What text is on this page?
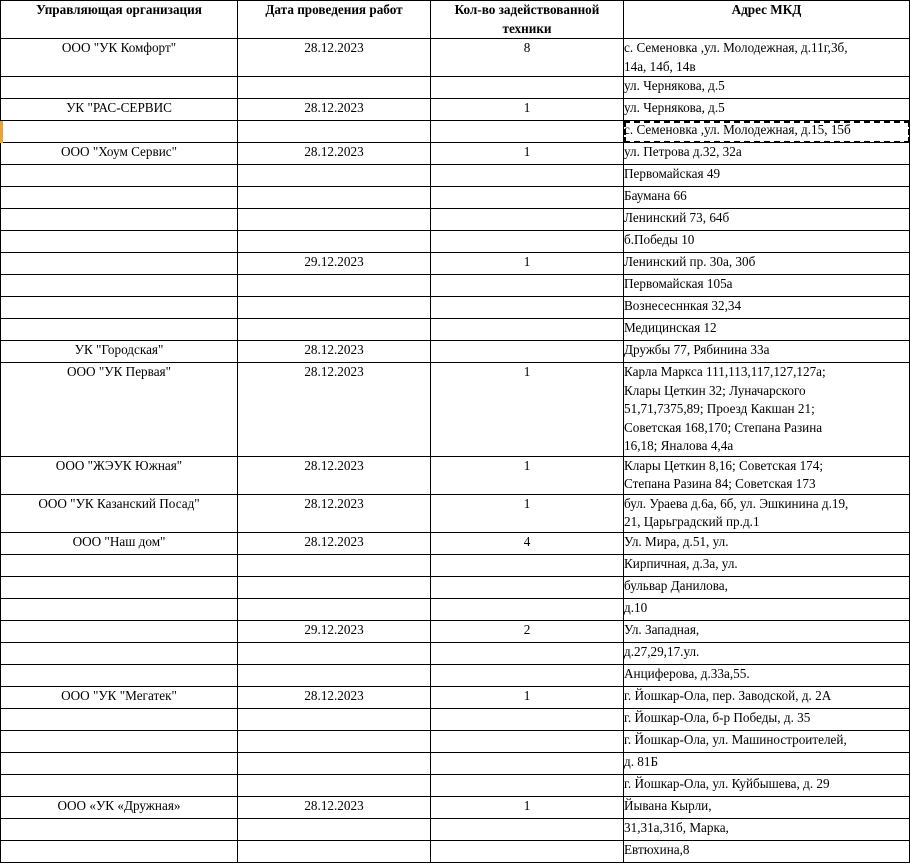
Управляющая организация	Дата проведения работ	Кол-во задействованной техники	Адрес МКД
ООО "УК Комфорт"	28.12.2023	8	с. Семеновка ,ул. Молодежная, д.11г,3б,
14а, 14б, 14в

			ул. Чернякова, д.5

УК "РАС-СЕРВИС	28.12.2023	1	ул. Чернякова, д.5

			с. Семеновка ,ул. Молодежная, д.15, 15б

ООО "Хоум Сервис"	28.12.2023	1	ул. Петрова д.32, 32а

			Первомайская 49

			Баумана 66

			Ленинский 73, 64б

			б.Победы 10

	29.12.2023	1	Ленинский пр. 30а, 30б

			Первомайская 105а

			Вознесесннкая 32,34

			Медицинская 12

УК "Городская"	28.12.2023		Дружбы 77, Рябинина 33а

ООО "УК Первая"	28.12.2023	1	Карла Маркса 111,113,117,127,127а;
Клары Цеткин 32; Луначарского
51,71,7375,89; Проезд Какшан 21;
Советская 168,170; Степана Разина
16,18; Яналова 4,4а

ООО "ЖЭУК Южная"	28.12.2023	1	Клары Цеткин 8,16; Советская 174;
Степана Разина 84; Советская 173

ООО "УК Казанский Посад"	28.12.2023	1	бул. Ураева д.6а, 6б, ул. Эшкинина д.19,
21, Царьградский пр.д.1

ООО "Наш дом"	28.12.2023	4	Ул. Мира, д.51, ул.

			Кирпичная, д.3а, ул.

			бульвар Данилова,

			д.10

	29.12.2023	2	Ул. Западная,

			д.27,29,17.ул.

			Анциферова, д.33а,55.

ООО "УК "Мегатек"	28.12.2023	1	г. Йошкар-Ола, пер. Заводской, д. 2А

			г. Йошкар-Ола, б-р Победы, д. 35

			г. Йошкар-Ола, ул. Машиностроителей,

			д. 81Б

			г. Йошкар-Ола, ул. Куйбышева, д. 29

ООО «УК «Дружная»	28.12.2023	1	Йывана Кырли,

			31,31а,31б, Марка,

			Евтюхина,8
